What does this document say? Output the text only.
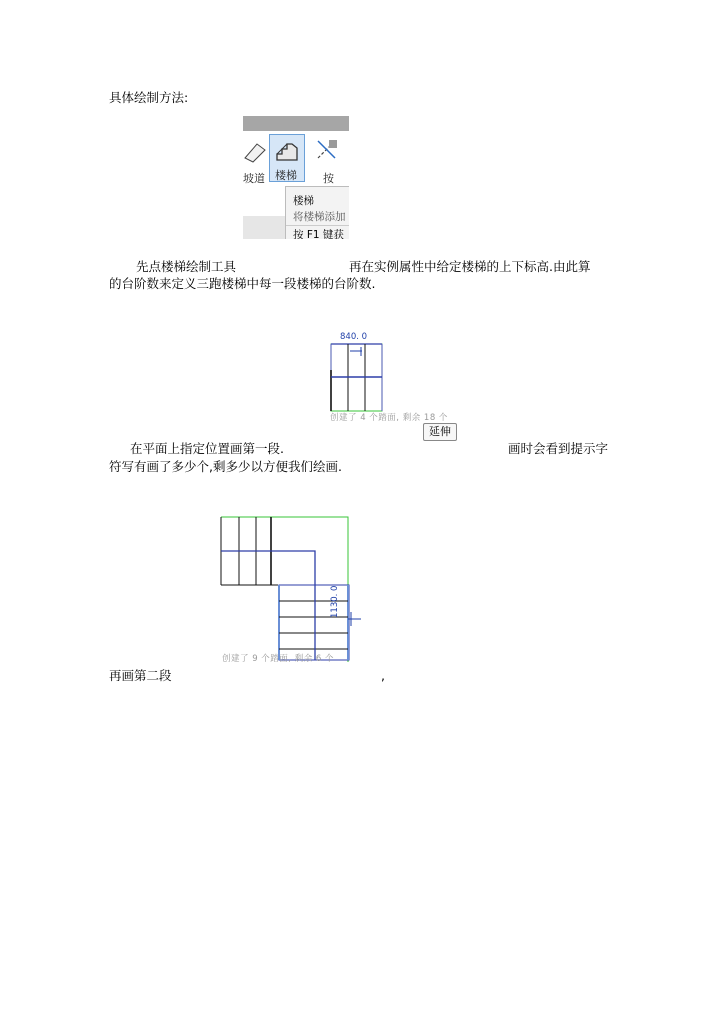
具体绘制方法:
坡道 楼梯 按
楼梯
将楼梯添加
按 F1 键获
先点楼梯绘制工具	再在实例属性中给定楼梯的上下标高.由此算
的台阶数来定义三跑楼梯中每一段楼梯的台阶数.
840. 0
创建了 4 个踏面, 剩余 18 个
延伸
在平面上指定位置画第一段.	画时会看到提示字
符写有画了多少个,剩多少以方便我们绘画.
1130. 0
创建了 9 个踏面, 剩余 6 个
再画第二段	,
